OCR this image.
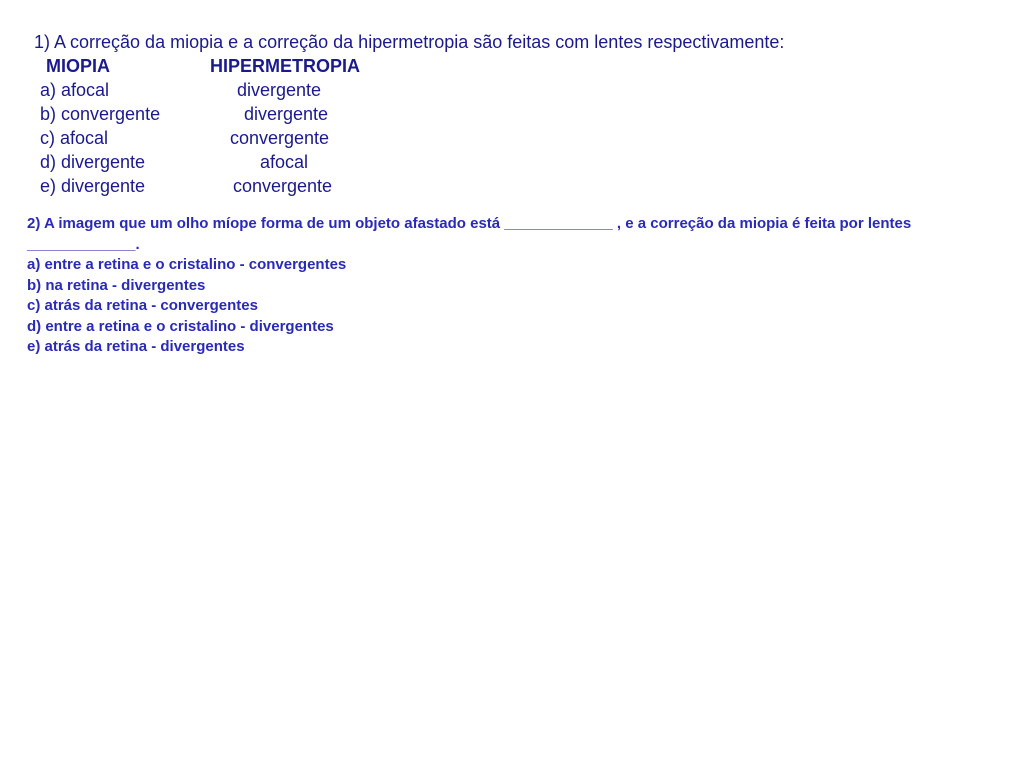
1) A correção da miopia e a correção da hipermetropia são feitas com lentes respectivamente:
MIOPIA	HIPERMETROPIA
a) afocal	divergente
b) convergente	divergente
c) afocal	convergente
d) divergente	afocal
e) divergente	convergente
2) A imagem que um olho míope forma de um objeto afastado está _____________ , e a correção da miopia é feita por lentes _____________.
a) entre a retina e o cristalino - convergentes
b) na retina - divergentes
c) atrás da retina - convergentes
d) entre a retina e o cristalino - divergentes
e) atrás da retina - divergentes
